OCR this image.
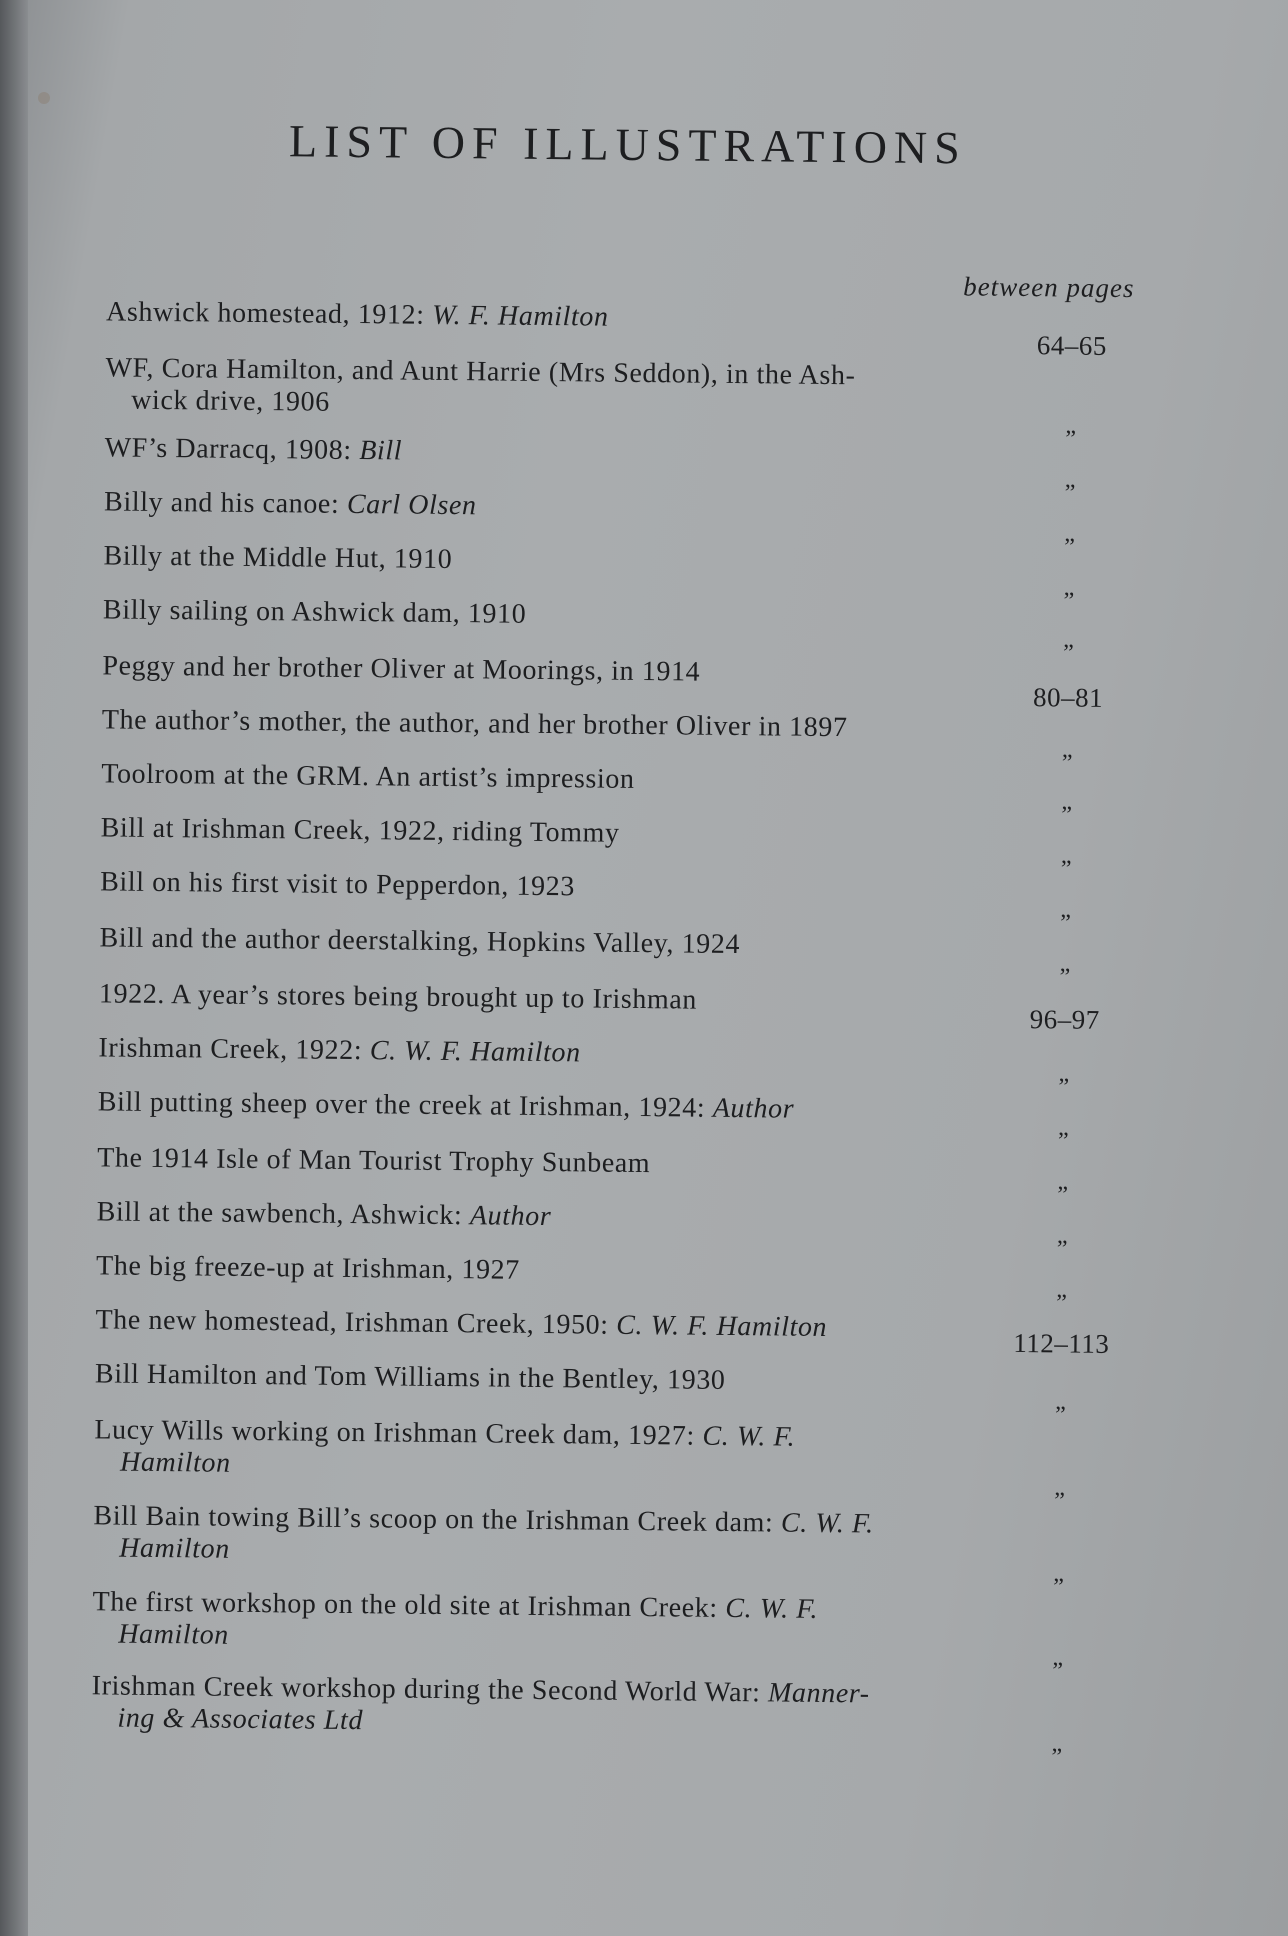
LIST OF ILLUSTRATIONS
between pages
Ashwick homestead, 1912: W. F. Hamilton
64–65
WF, Cora Hamilton, and Aunt Harrie (Mrs Seddon), in the Ash-
wick drive, 1906
”
WF’s Darracq, 1908: Bill
”
Billy and his canoe: Carl Olsen
”
Billy at the Middle Hut, 1910
”
Billy sailing on Ashwick dam, 1910
”
Peggy and her brother Oliver at Moorings, in 1914
80–81
The author’s mother, the author, and her brother Oliver in 1897
”
Toolroom at the GRM. An artist’s impression
”
Bill at Irishman Creek, 1922, riding Tommy
”
Bill on his first visit to Pepperdon, 1923
”
Bill and the author deerstalking, Hopkins Valley, 1924
”
1922. A year’s stores being brought up to Irishman
96–97
Irishman Creek, 1922: C. W. F. Hamilton
”
Bill putting sheep over the creek at Irishman, 1924: Author
”
The 1914 Isle of Man Tourist Trophy Sunbeam
”
Bill at the sawbench, Ashwick: Author
”
The big freeze-up at Irishman, 1927
”
The new homestead, Irishman Creek, 1950: C. W. F. Hamilton
112–113
Bill Hamilton and Tom Williams in the Bentley, 1930
”
Lucy Wills working on Irishman Creek dam, 1927: C. W. F.
Hamilton
”
Bill Bain towing Bill’s scoop on the Irishman Creek dam: C. W. F.
Hamilton
”
The first workshop on the old site at Irishman Creek: C. W. F.
Hamilton
”
Irishman Creek workshop during the Second World War: Manner-
ing & Associates Ltd
”
